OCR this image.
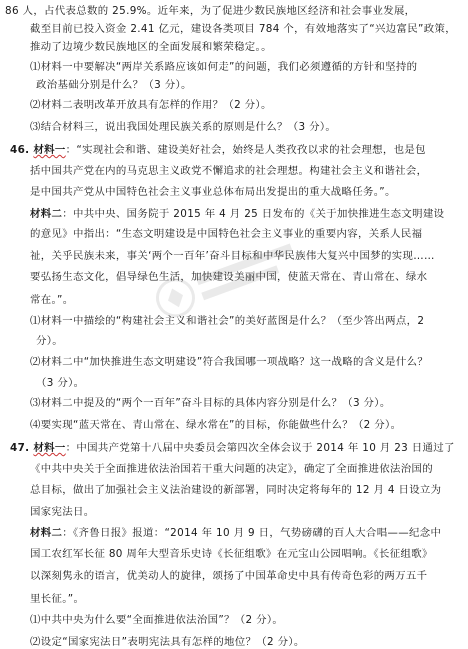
86 人，占代表总数的 25.9%。近年来，为了促进少数民族地区经济和社会事业发展，
截至目前已投入资金 2.41 亿元，建设各类项目 784 个，有效地落实了“兴边富民”政策，
推动了边境少数民族地区的全面发展和繁荣稳定。。
⑴材料一中要解决“两岸关系路应该如何走”的问题，我们必须遵循的方针和坚持的
政治基础分别是什么？（3 分）。
⑵材料二表明改革开放具有怎样的作用？（2 分）。
⑶结合材料三，说出我国处理民族关系的原则是什么？（3 分）。
46. 材料一：“实现社会和谐、建设美好社会，始终是人类孜孜以求的社会理想，也是包
括中国共产党在内的马克思主义政党不懈追求的社会理想。构建社会主义和谐社会，
是中国共产党从中国特色社会主义事业总体布局出发提出的重大战略任务。”。
材料二：中共中央、国务院于 2015 年 4 月 25 日发布的《关于加快推进生态文明建设
的意见》中指出：“生态文明建设是中国特色社会主义事业的重要内容，关系人民福
祉，关乎民族未来，事关‘两个一百年’奋斗目标和中华民族伟大复兴中国梦的实现……
要弘扬生态文化，倡导绿色生活，加快建设美丽中国，使蓝天常在、青山常在、绿水
常在。”。
⑴材料一中描绘的“构建社会主义和谐社会”的美好蓝图是什么？（至少答出两点，2
分）。
⑵材料二中“加快推进生态文明建设”符合我国哪一项战略？这一战略的含义是什么？
（3 分）。
⑶材料二中提及的“两个一百年”奋斗目标的具体内容分别是什么？（3 分）。
⑷要实现“蓝天常在、青山常在、绿水常在”的目标，你能做些什么？（2 分）。
47. 材料一：中国共产党第十八届中央委员会第四次全体会议于 2014 年 10 月 23 日通过了
《中共中央关于全面推进依法治国若干重大问题的决定》，确定了全面推进依法治国的
总目标，做出了加强社会主义法治建设的新部署，同时决定将每年的 12 月 4 日设立为
国家宪法日。
材料二：《齐鲁日报》报道：“2014 年 10 月 9 日，气势磅礴的百人大合唱——纪念中
国工农红军长征 80 周年大型音乐史诗《长征组歌》在元宝山公园唱响。《长征组歌》
以深刻隽永的语言，优美动人的旋律，颂扬了中国革命史中具有传奇色彩的两万五千
里长征。”。
⑴中共中央为什么要“全面推进依法治国”？（2 分）。
⑵设定“国家宪法日”表明宪法具有怎样的地位？（2 分）。
